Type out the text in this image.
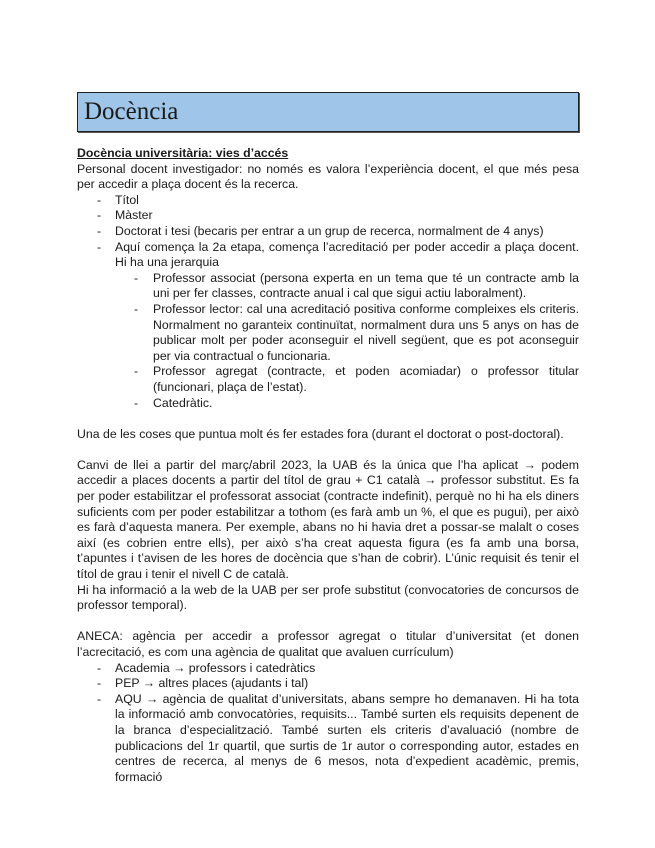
Docència

Docència universitària: vies d’accés

Personal docent investigador: no només es valora l’experiència docent, el que més pesa per accedir a plaça docent és la recerca.

- Títol
- Màster
- Doctorat i tesi (becaris per entrar a un grup de recerca, normalment de 4 anys)
- Aquí comença la 2a etapa, comença l’acreditació per poder accedir a plaça docent. Hi ha una jerarquia
- Professor associat (persona experta en un tema que té un contracte amb la uni per fer classes, contracte anual i cal que sigui actiu laboralment).
- Professor lector: cal una acreditació positiva conforme compleixes els criteris. Normalment no garanteix continuïtat, normalment dura uns 5 anys on has de publicar molt per poder aconseguir el nivell següent, que es pot aconseguir per via contractual o funcionaria.
- Professor agregat (contracte, et poden acomiadar) o professor titular (funcionari, plaça de l’estat).
- Catedràtic.

Una de les coses que puntua molt és fer estades fora (durant el doctorat o post-doctoral).

Canvi de llei a partir del març/abril 2023, la UAB és la única que l’ha aplicat → podem accedir a places docents a partir del títol de grau + C1 català → professor substitut. Es fa per poder estabilitzar el professorat associat (contracte indefinit), perquè no hi ha els diners suficients com per poder estabilitzar a tothom (es farà amb un %, el que es pugui), per això es farà d’aquesta manera. Per exemple, abans no hi havia dret a possar-se malalt o coses així (es cobrien entre ells), per això s’ha creat aquesta figura (es fa amb una borsa, t’apuntes i t’avisen de les hores de docència que s’han de cobrir). L’únic requisit és tenir el títol de grau i tenir el nivell C de català.

Hi ha informació a la web de la UAB per ser profe substitut (convocatories de concursos de professor temporal).

ANECA: agència per accedir a professor agregat o titular d’universitat (et donen l’acrecitació, es com una agència de qualitat que avaluen currículum)

- Academia → professors i catedràtics
- PEP → altres places (ajudants i tal)
- AQU → agència de qualitat d’universitats, abans sempre ho demanaven. Hi ha tota la informació amb convocatòries, requisits... També surten els requisits depenent de la branca d’especialització. També surten els criteris d’avaluació (nombre de publicacions del 1r quartil, que surtis de 1r autor o corresponding autor, estades en centres de recerca, al menys de 6 mesos, nota d’expedient acadèmic, premis, formació
